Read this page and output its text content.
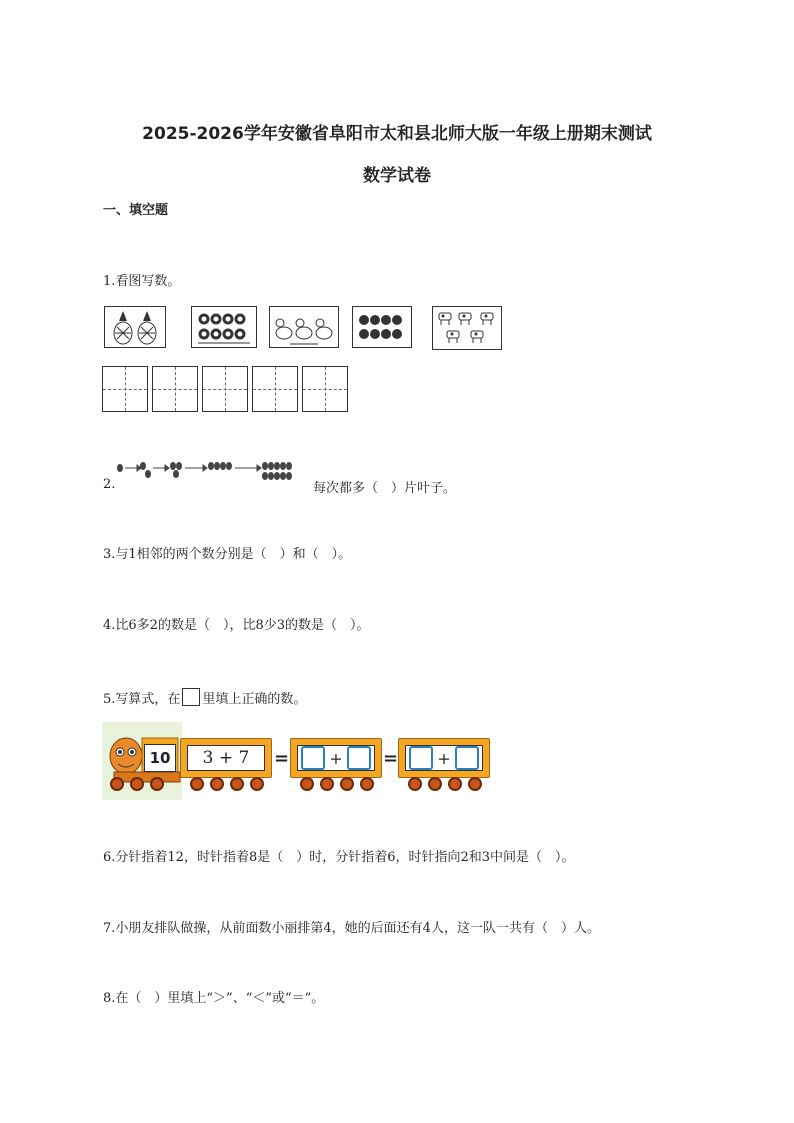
2025-2026学年安徽省阜阳市太和县北师大版一年级上册期末测试
数学试卷
一、填空题
1.看图写数。
2.	每次都多（　）片叶子。
3.与1相邻的两个数分别是（　）和（　）。
4.比6多2的数是（　），比8少3的数是（　）。
5.写算式，在 里填上正确的数。
10	3 + 7	=	+ = +
6.分针指着12，时针指着8是（　）时，分针指着6，时针指向2和3中间是（　）。
7.小朋友排队做操，从前面数小丽排第4，她的后面还有4人，这一队一共有（　）人。
8.在（　）里填上“＞”、“＜”或“＝”。
